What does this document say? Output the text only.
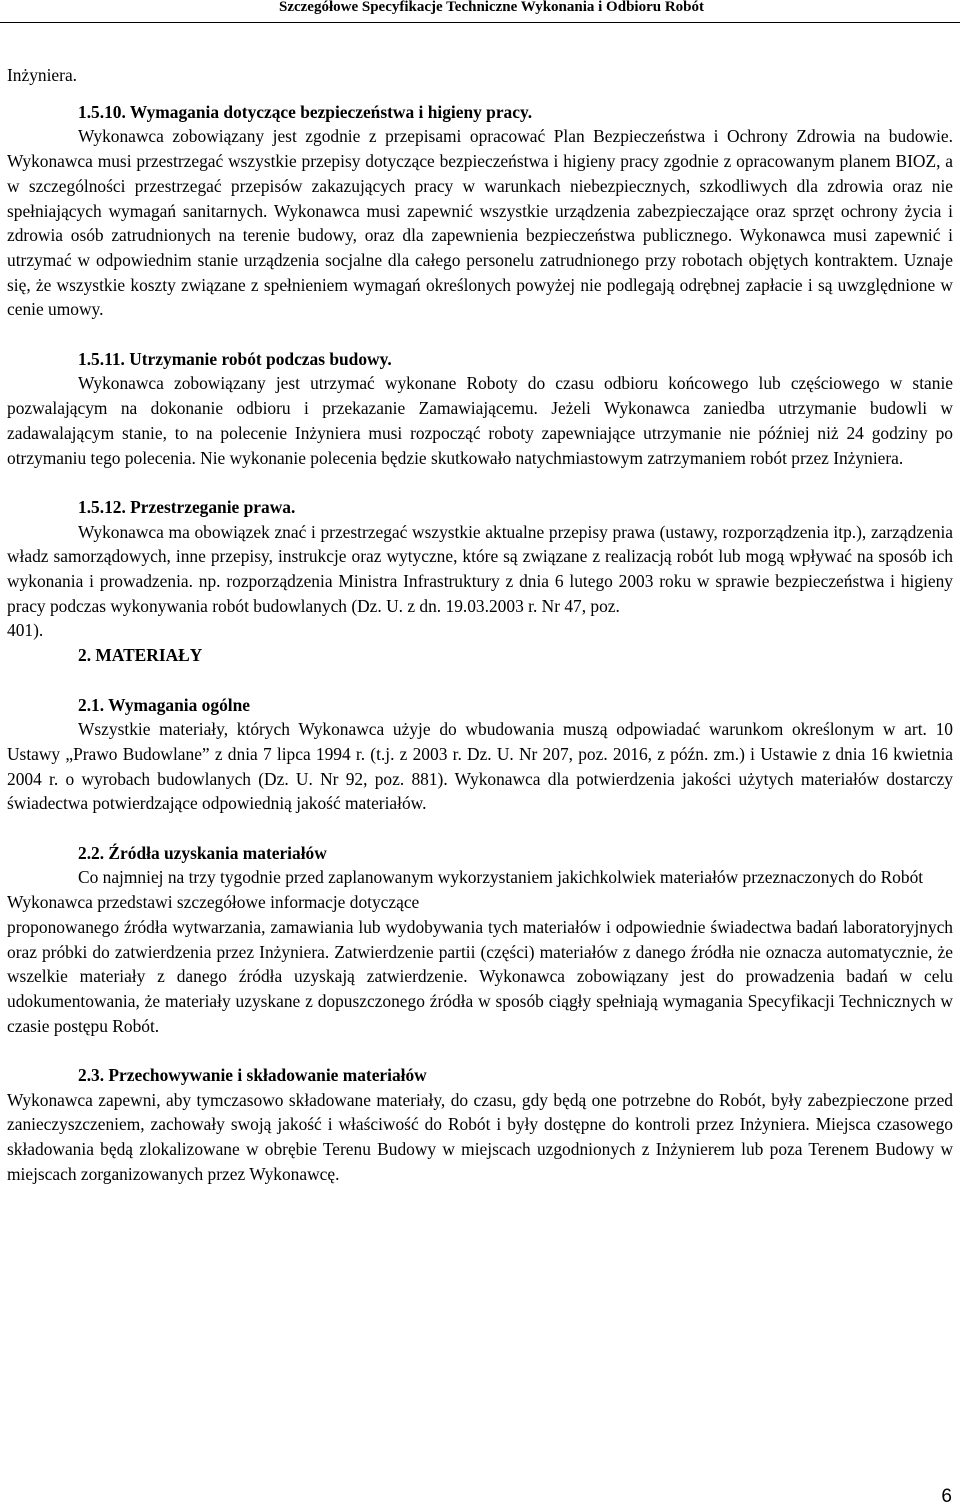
Szczegółowe Specyfikacje Techniczne Wykonania i Odbioru Robót

Inżyniera.

1.5.10. Wymagania dotyczące bezpieczeństwa i higieny pracy.

Wykonawca zobowiązany jest zgodnie z przepisami opracować Plan Bezpieczeństwa i Ochrony Zdrowia na budowie. Wykonawca musi przestrzegać wszystkie przepisy dotyczące bezpieczeństwa i higieny pracy zgodnie z opracowanym planem BIOZ, a w szczególności przestrzegać przepisów zakazujących pracy w warunkach niebezpiecznych, szkodliwych dla zdrowia oraz nie spełniających wymagań sanitarnych. Wykonawca musi zapewnić wszystkie urządzenia zabezpieczające oraz sprzęt ochrony życia i zdrowia osób zatrudnionych na terenie budowy, oraz dla zapewnienia bezpieczeństwa publicznego. Wykonawca musi zapewnić i utrzymać w odpowiednim stanie urządzenia socjalne dla całego personelu zatrudnionego przy robotach objętych kontraktem. Uznaje się, że wszystkie koszty związane z spełnieniem wymagań określonych powyżej nie podlegają odrębnej zapłacie i są uwzględnione w cenie umowy.

1.5.11. Utrzymanie robót podczas budowy.

Wykonawca zobowiązany jest utrzymać wykonane Roboty do czasu odbioru końcowego lub częściowego w stanie pozwalającym na dokonanie odbioru i przekazanie Zamawiającemu. Jeżeli Wykonawca zaniedba utrzymanie budowli w zadawalającym stanie, to na polecenie Inżyniera musi rozpocząć roboty zapewniające utrzymanie nie później niż 24 godziny po otrzymaniu tego polecenia. Nie wykonanie polecenia będzie skutkowało natychmiastowym zatrzymaniem robót przez Inżyniera.

1.5.12. Przestrzeganie prawa.

Wykonawca ma obowiązek znać i przestrzegać wszystkie aktualne przepisy prawa (ustawy, rozporządzenia itp.), zarządzenia władz samorządowych, inne przepisy, instrukcje oraz wytyczne, które są związane z realizacją robót lub mogą wpływać na sposób ich wykonania i prowadzenia. np. rozporządzenia Ministra Infrastruktury z dnia 6 lutego 2003 roku w sprawie bezpieczeństwa i higieny pracy podczas wykonywania robót budowlanych (Dz. U. z dn. 19.03.2003 r. Nr 47, poz.

401).

2. MATERIAŁY

2.1. Wymagania ogólne

Wszystkie materiały, których Wykonawca użyje do wbudowania muszą odpowiadać warunkom określonym w art. 10 Ustawy „Prawo Budowlane” z dnia 7 lipca 1994 r. (t.j. z 2003 r. Dz. U. Nr 207, poz. 2016, z późn. zm.) i Ustawie z dnia 16 kwietnia 2004 r. o wyrobach budowlanych (Dz. U. Nr 92, poz. 881). Wykonawca dla potwierdzenia jakości użytych materiałów dostarczy świadectwa potwierdzające odpowiednią jakość materiałów.

2.2. Źródła uzyskania materiałów

Co najmniej na trzy tygodnie przed zaplanowanym wykorzystaniem jakichkolwiek materiałów przeznaczonych do Robót Wykonawca przedstawi szczegółowe informacje dotyczące

proponowanego źródła wytwarzania, zamawiania lub wydobywania tych materiałów i odpowiednie świadectwa badań laboratoryjnych oraz próbki do zatwierdzenia przez Inżyniera. Zatwierdzenie partii (części) materiałów z danego źródła nie oznacza automatycznie, że wszelkie materiały z danego źródła uzyskają zatwierdzenie. Wykonawca zobowiązany jest do prowadzenia badań w celu udokumentowania, że materiały uzyskane z dopuszczonego źródła w sposób ciągły spełniają wymagania Specyfikacji Technicznych w czasie postępu Robót.

2.3. Przechowywanie i składowanie materiałów

Wykonawca zapewni, aby tymczasowo składowane materiały, do czasu, gdy będą one potrzebne do Robót, były zabezpieczone przed zanieczyszczeniem, zachowały swoją jakość i właściwość do Robót i były dostępne do kontroli przez Inżyniera. Miejsca czasowego składowania będą zlokalizowane w obrębie Terenu Budowy w miejscach uzgodnionych z Inżynierem lub poza Terenem Budowy w miejscach zorganizowanych przez Wykonawcę.

6
